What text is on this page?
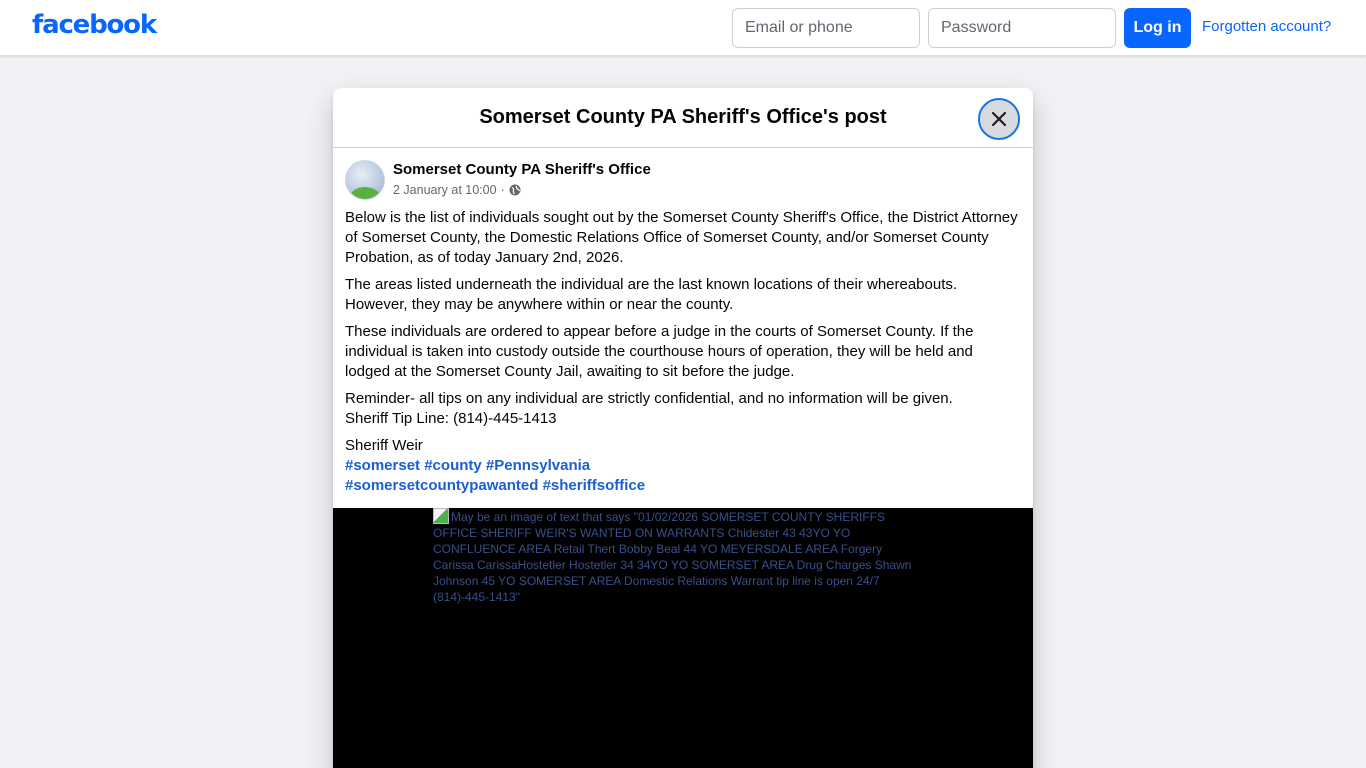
facebook
Email or phone	Log in	Forgotten account?
Somerset County PA Sheriff's Office's post
Somerset County PA Sheriff's Office
2 January at 10:00 ·

Below is the list of individuals sought out by the Somerset County Sheriff's Office, the District Attorney of Somerset County, the Domestic Relations Office of Somerset County, and/or Somerset County Probation, as of today January 2nd, 2026.

The areas listed underneath the individual are the last known locations of their whereabouts. However, they may be anywhere within or near the county.

These individuals are ordered to appear before a judge in the courts of Somerset County. If the individual is taken into custody outside the courthouse hours of operation, they will be held and lodged at the Somerset County Jail, awaiting to sit before the judge.

Reminder- all tips on any individual are strictly confidential, and no information will be given.
Sheriff Tip Line: (814)-445-1413

Sheriff Weir
#somerset #county #Pennsylvania
#somersetcountypawanted #sheriffsoffice

May be an image of text that says "01/02/2026 SOMERSET COUNTY SHERIFFS OFFICE SHERIFF WEIR'S WANTED ON WARRANTS Chidester 43 43YO YO CONFLUENCE AREA Retail Thert Bobby Beal 44 YO MEYERSDALE AREA Forgery Carissa CarissaHostetler Hostetler 34 34YO YO SOMERSET AREA Drug Charges Shawn Johnson 45 YO SOMERSET AREA Domestic Relations Warrant tip line is open 24/7 (814)-445-1413"
